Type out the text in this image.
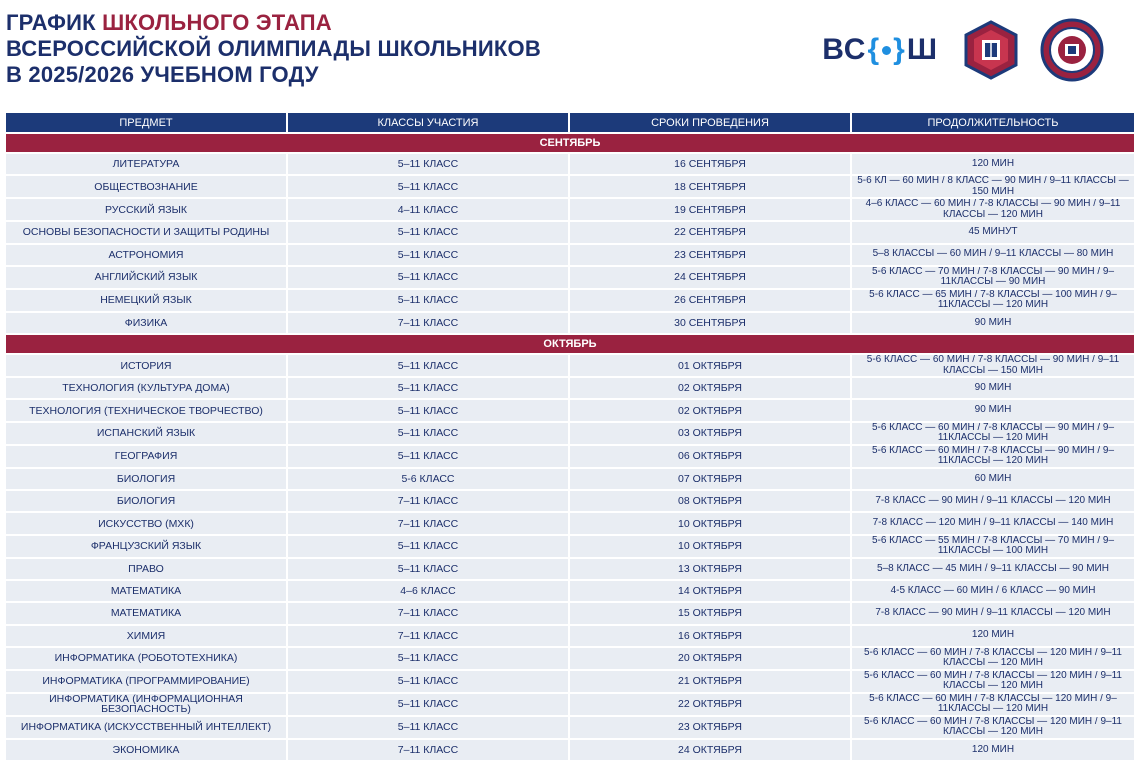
ГРАФИК ШКОЛЬНОГО ЭТАПА
ВСЕРОССИЙСКОЙ ОЛИМПИАДЫ ШКОЛЬНИКОВ
В 2025/2026 УЧЕБНОМ ГОДУ
ВС { } Ш
ПРЕДМЕТ	КЛАССЫ УЧАСТИЯ	СРОКИ ПРОВЕДЕНИЯ	ПРОДОЛЖИТЕЛЬНОСТЬ
СЕНТЯБРЬ			
ЛИТЕРАТУРА	5–11 КЛАСС	16 СЕНТЯБРЯ	120 МИН
ОБЩЕСТВОЗНАНИЕ	5–11 КЛАСС	18 СЕНТЯБРЯ	5-6 КЛ — 60 МИН / 8 КЛАСС — 90 МИН / 9–11 КЛАССЫ — 150 МИН
РУССКИЙ ЯЗЫК	4–11 КЛАСС	19 СЕНТЯБРЯ	4–6 КЛАСС — 60 МИН / 7-8 КЛАССЫ — 90 МИН / 9–11 КЛАССЫ — 120 МИН
ОСНОВЫ БЕЗОПАСНОСТИ И ЗАЩИТЫ РОДИНЫ	5–11 КЛАСС	22 СЕНТЯБРЯ	45 МИНУТ
АСТРОНОМИЯ	5–11 КЛАСС	23 СЕНТЯБРЯ	5–8 КЛАССЫ — 60 МИН / 9–11 КЛАССЫ — 80 МИН
АНГЛИЙСКИЙ ЯЗЫК	5–11 КЛАСС	24 СЕНТЯБРЯ	5-6 КЛАСС — 70 МИН / 7-8 КЛАССЫ — 90 МИН / 9–11КЛАССЫ — 90 МИН
НЕМЕЦКИЙ ЯЗЫК	5–11 КЛАСС	26 СЕНТЯБРЯ	5-6 КЛАСС — 65 МИН / 7-8 КЛАССЫ — 100 МИН / 9–11КЛАССЫ — 120 МИН
ФИЗИКА	7–11 КЛАСС	30 СЕНТЯБРЯ	90 МИН
ОКТЯБРЬ			
ИСТОРИЯ	5–11 КЛАСС	01 ОКТЯБРЯ	5-6 КЛАСС — 60 МИН / 7-8 КЛАССЫ — 90 МИН / 9–11 КЛАССЫ — 150 МИН
ТЕХНОЛОГИЯ (КУЛЬТУРА ДОМА)	5–11 КЛАСС	02 ОКТЯБРЯ	90 МИН
ТЕХНОЛОГИЯ (ТЕХНИЧЕСКОЕ ТВОРЧЕСТВО)	5–11 КЛАСС	02 ОКТЯБРЯ	90 МИН
ИСПАНСКИЙ ЯЗЫК	5–11 КЛАСС	03 ОКТЯБРЯ	5-6 КЛАСС — 60 МИН / 7-8 КЛАССЫ — 90 МИН / 9–11КЛАССЫ — 120 МИН
ГЕОГРАФИЯ	5–11 КЛАСС	06 ОКТЯБРЯ	5-6 КЛАСС — 60 МИН / 7-8 КЛАССЫ — 90 МИН / 9–11КЛАССЫ — 120 МИН
БИОЛОГИЯ	5-6 КЛАСС	07 ОКТЯБРЯ	60 МИН
БИОЛОГИЯ	7–11 КЛАСС	08 ОКТЯБРЯ	7-8 КЛАСС — 90 МИН / 9–11 КЛАССЫ — 120 МИН
ИСКУССТВО (МХК)	7–11 КЛАСС	10 ОКТЯБРЯ	7-8 КЛАСС — 120 МИН / 9–11 КЛАССЫ — 140 МИН
ФРАНЦУЗСКИЙ ЯЗЫК	5–11 КЛАСС	10 ОКТЯБРЯ	5-6 КЛАСС — 55 МИН / 7-8 КЛАССЫ — 70 МИН / 9–11КЛАССЫ — 100 МИН
ПРАВО	5–11 КЛАСС	13 ОКТЯБРЯ	5–8 КЛАСС — 45 МИН / 9–11 КЛАССЫ — 90 МИН
МАТЕМАТИКА	4–6 КЛАСС	14 ОКТЯБРЯ	4-5 КЛАСС — 60 МИН / 6 КЛАСС — 90 МИН
МАТЕМАТИКА	7–11 КЛАСС	15 ОКТЯБРЯ	7-8 КЛАСС — 90 МИН / 9–11 КЛАССЫ — 120 МИН
ХИМИЯ	7–11 КЛАСС	16 ОКТЯБРЯ	120 МИН
ИНФОРМАТИКА (РОБОТОТЕХНИКА)	5–11 КЛАСС	20 ОКТЯБРЯ	5-6 КЛАСС — 60 МИН / 7-8 КЛАССЫ — 120 МИН / 9–11 КЛАССЫ — 120 МИН
ИНФОРМАТИКА (ПРОГРАММИРОВАНИЕ)	5–11 КЛАСС	21 ОКТЯБРЯ	5-6 КЛАСС — 60 МИН / 7-8 КЛАССЫ — 120 МИН / 9–11 КЛАССЫ — 120 МИН
ИНФОРМАТИКА (ИНФОРМАЦИОННАЯ БЕЗОПАСНОСТЬ)	5–11 КЛАСС	22 ОКТЯБРЯ	5-6 КЛАСС — 60 МИН / 7-8 КЛАССЫ — 120 МИН / 9–11КЛАССЫ — 120 МИН
ИНФОРМАТИКА (ИСКУССТВЕННЫЙ ИНТЕЛЛЕКТ)	5–11 КЛАСС	23 ОКТЯБРЯ	5-6 КЛАСС — 60 МИН / 7-8 КЛАССЫ — 120 МИН / 9–11 КЛАССЫ — 120 МИН
ЭКОНОМИКА	7–11 КЛАСС	24 ОКТЯБРЯ	120 МИН
